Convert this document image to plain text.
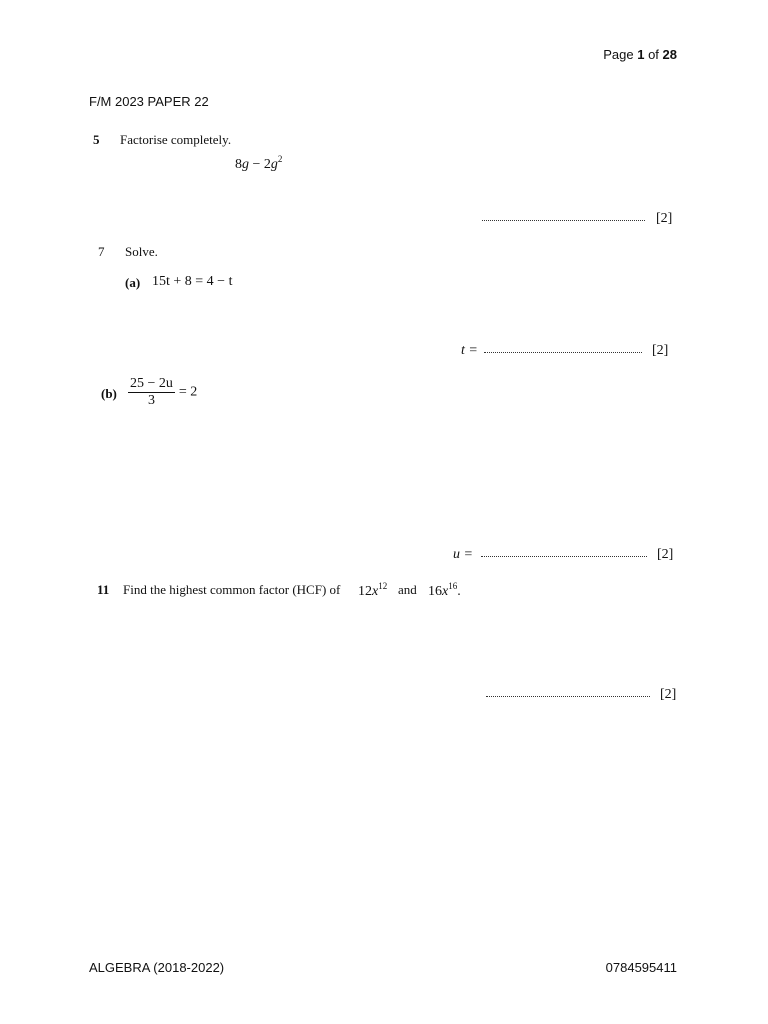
Page 1 of 28
F/M 2023 PAPER 22
5 Factorise completely.
$8g - 2g^2$
[2]
7 Solve.
(a) 15t + 8 = 4 − t
t =	[2]
$(b) \frac{25 - 2u}{3} = 2$
u =	[2]
11 Find the highest common factor (HCF) of $12x^{12}$ and $16x^{16}$.
[2]
ALGEBRA (2018-2022)	0784595411
